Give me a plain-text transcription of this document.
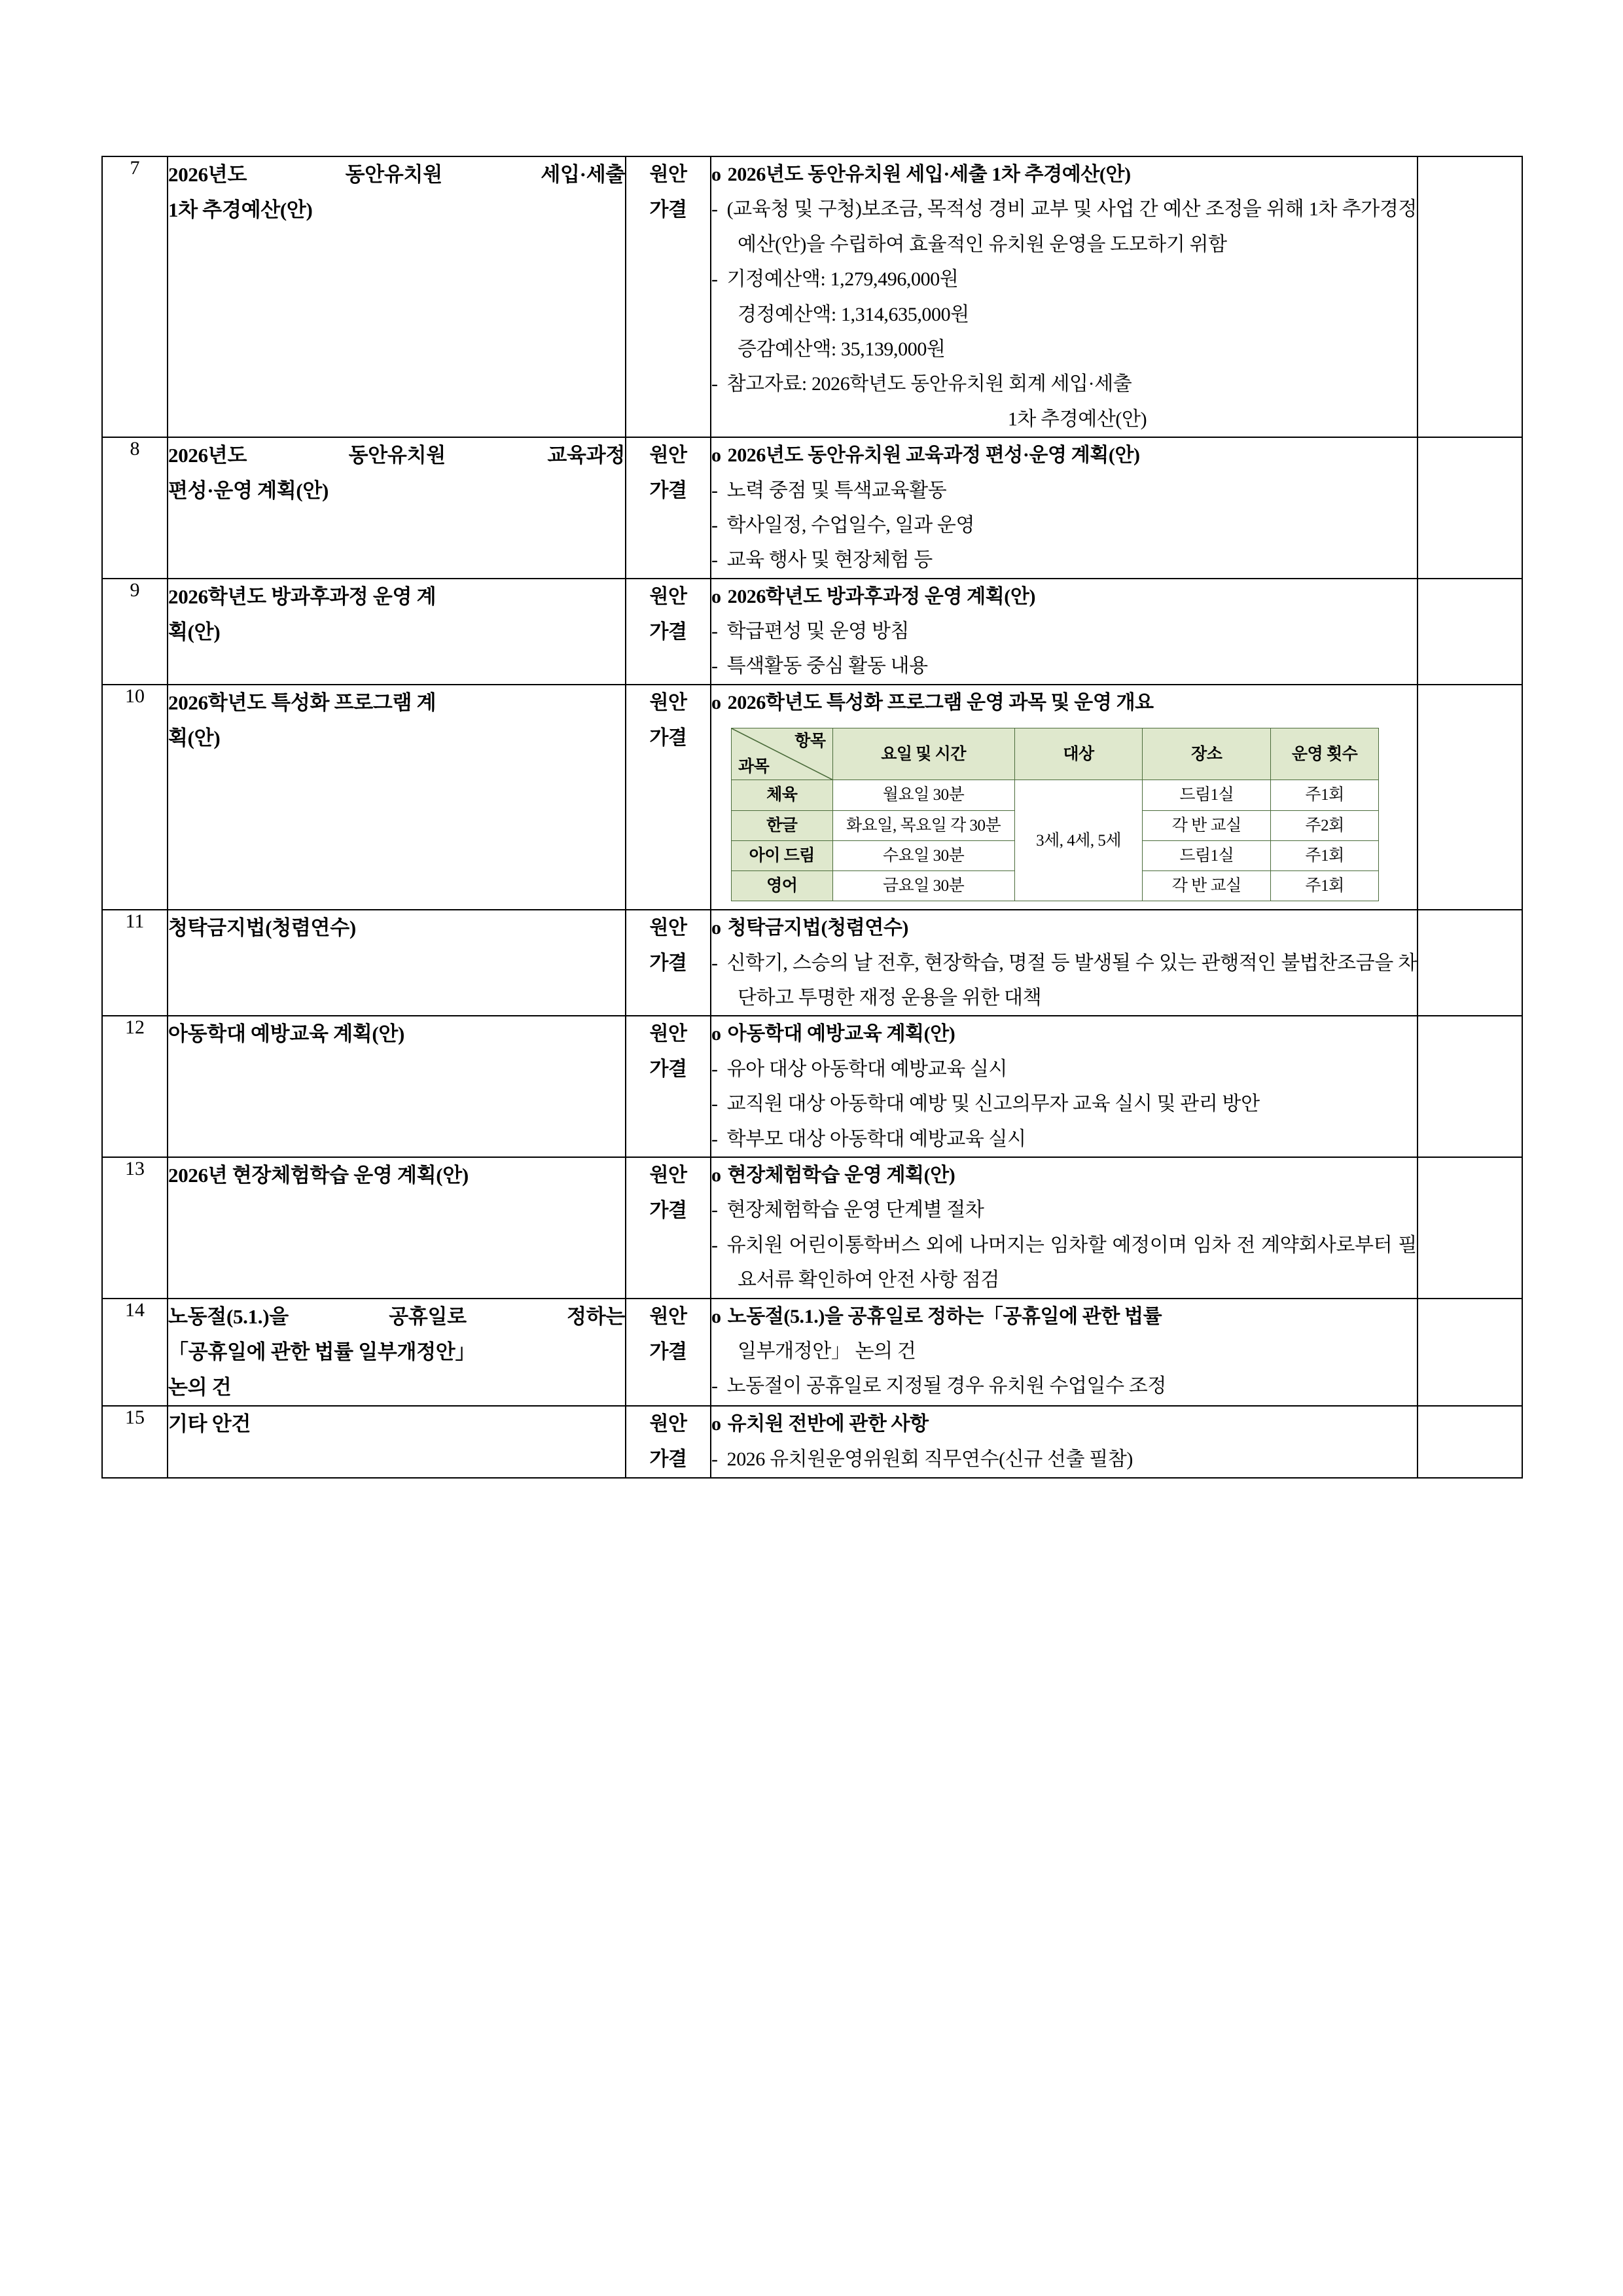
7	2026년도 동안유치원 세입·세출
1차 추경예산(안)

원안
가결

o 2026년도 동안유치원 세입·세출 1차 추경예산(안)
- (교육청 및 구청)보조금, 목적성 경비 교부 및 사업 간 예산 조정을 위해 1차 추가경정예산(안)을 수립하여 효율적인 유치원 운영을 도모하기 위함
- 기정예산액: 1,279,496,000원
경정예산액: 1,314,635,000원
증감예산액: 35,139,000원
- 참고자료: 2026학년도 동안유치원 회계 세입·세출
1차 추경예산(안)

8	2026년도 동안유치원 교육과정
편성·운영 계획(안)

원안
가결

o 2026년도 동안유치원 교육과정 편성·운영 계획(안)
- 노력 중점 및 특색교육활동
- 학사일정, 수업일수, 일과 운영
- 교육 행사 및 현장체험 등

9	2026학년도 방과후과정 운영 계
획(안)

원안
가결

o 2026학년도 방과후과정 운영 계획(안)
- 학급편성 및 운영 방침
- 특색활동 중심 활동 내용

10	2026학년도 특성화 프로그램 계
획(안)

원안
가결

o 2026학년도 특성화 프로그램 운영 과목 및 운영 개요
항목
과목
	요일 및 시간	대상	장소	운영 횟수
체육	월요일 30분	3세, 4세, 5세	드림1실	주1회
한글	화요일, 목요일 각 30분	각 반 교실	주2회
아이 드림	수요일 30분	드림1실	주1회
영어	금요일 30분	각 반 교실	주1회

11	청탁금지법(청렴연수)	원안
가결

o 청탁금지법(청렴연수)
- 신학기, 스승의 날 전후, 현장학습, 명절 등 발생될 수 있는 관행적인 불법찬조금을 차단하고 투명한 재정 운용을 위한 대책

12	아동학대 예방교육 계획(안)	원안
가결

o 아동학대 예방교육 계획(안)
- 유아 대상 아동학대 예방교육 실시
- 교직원 대상 아동학대 예방 및 신고의무자 교육 실시 및 관리 방안
- 학부모 대상 아동학대 예방교육 실시

13	2026년 현장체험학습 운영 계획(안)	원안
가결

o 현장체험학습 운영 계획(안)
- 현장체험학습 운영 단계별 절차
- 유치원 어린이통학버스 외에 나머지는 임차할 예정이며 임차 전 계약회사로부터 필요서류 확인하여 안전 사항 점검

14	노동절(5.1.)을 공휴일로 정하는
「공휴일에 관한 법률 일부개정안」
논의 건

원안
가결

o 노동절(5.1.)을 공휴일로 정하는「공휴일에 관한 법률
일부개정안」 논의 건
- 노동절이 공휴일로 지정될 경우 유치원 수업일수 조정

15	기타 안건	원안
가결

o 유치원 전반에 관한 사항
- 2026 유치원운영위원회 직무연수(신규 선출 필참)
